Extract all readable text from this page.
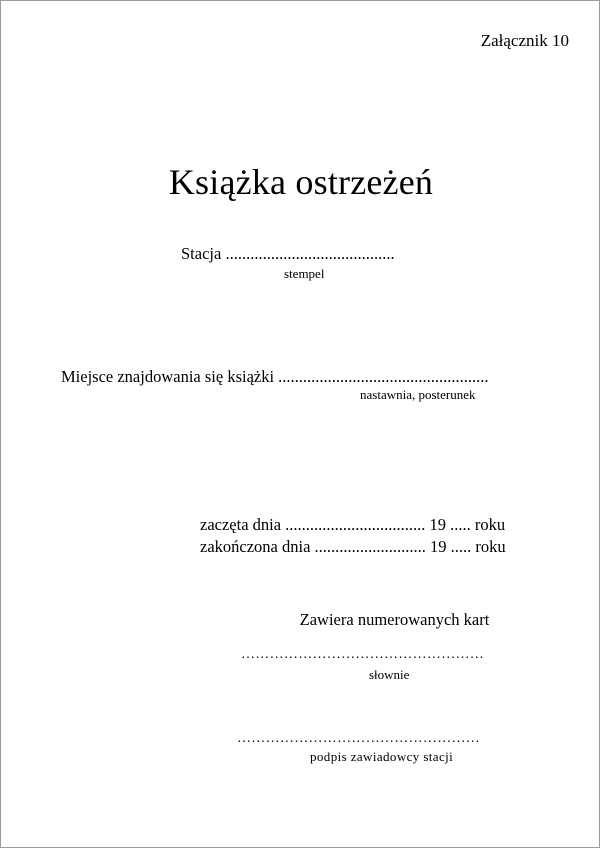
Załącznik 10
Książka ostrzeżeń
Stacja .........................................
stempel
Miejsce znajdowania się książki ...................................................
nastawnia, posterunek
zaczęta dnia .................................. 19 ..... roku
zakończona dnia ........................... 19 ..... roku
Zawiera numerowanych kart
……………………………………………
słownie
……………………………………………
podpis zawiadowcy stacji
